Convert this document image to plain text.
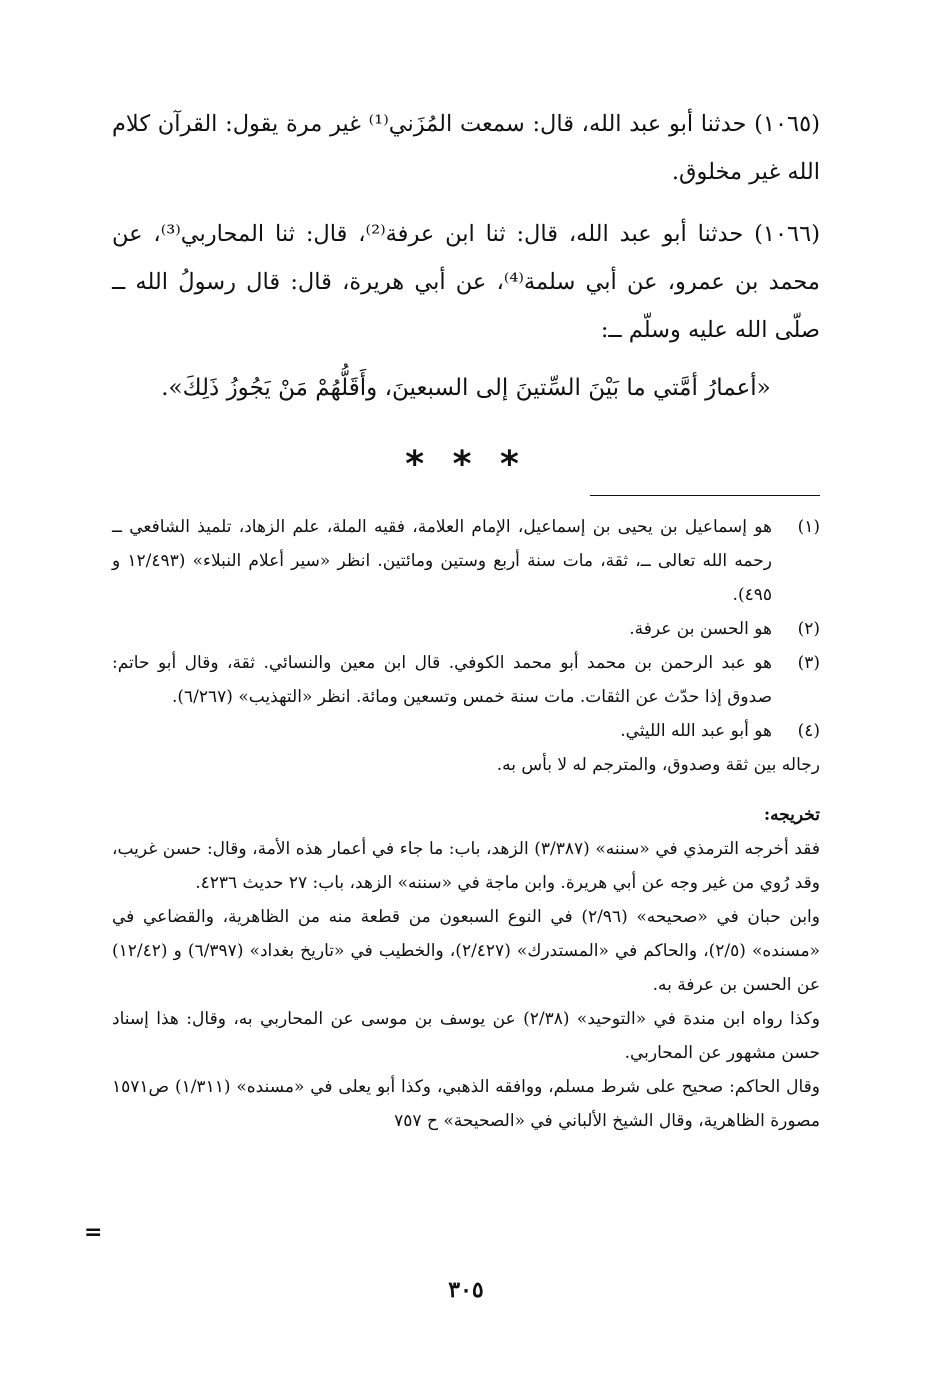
(١٠٦٥) حدثنا أبو عبد الله، قال: سمعت المُزَني⁽¹⁾ غير مرة يقول: القرآن كلام الله غير مخلوق.
(١٠٦٦) حدثنا أبو عبد الله، قال: ثنا ابن عرفة⁽²⁾، قال: ثنا المحاربي⁽³⁾، عن محمد بن عمرو، عن أبي سلمة⁽⁴⁾، عن أبي هريرة، قال: قال رسولُ الله ــ صلّى الله عليه وسلّم ــ:
«أعمارُ أمَّتي ما بَيْنَ السِّتينَ إلى السبعينَ، وأَقَلُّهُمْ مَنْ يَجُوزُ ذَلِكَ».
* * *
(١)
هو إسماعيل بن يحيى بن إسماعيل، الإمام العلامة، فقيه الملة، علم الزهاد، تلميذ الشافعي ــ رحمه الله تعالى ــ، ثقة، مات سنة أربع وستين ومائتين. انظر «سير أعلام النبلاء» (١٢/٤٩٣ و ٤٩٥).
(٢)
هو الحسن بن عرفة.
(٣)
هو عبد الرحمن بن محمد أبو محمد الكوفي. قال ابن معين والنسائي. ثقة، وقال أبو حاتم: صدوق إذا حدّث عن الثقات. مات سنة خمس وتسعين ومائة. انظر «التهذيب» (٦/٢٦٧).
(٤)
هو أبو عبد الله الليثي.
رجاله بين ثقة وصدوق، والمترجم له لا بأس به.
تخريجه:
فقد أخرجه الترمذي في «سننه» (٣/٣٨٧) الزهد، باب: ما جاء في أعمار هذه الأمة، وقال: حسن غريب، وقد رُوي من غير وجه عن أبي هريرة. وابن ماجة في «سننه» الزهد، باب: ٢٧ حديث ٤٢٣٦.
وابن حبان في «صحيحه» (٢/٩٦) في النوع السبعون من قطعة منه من الظاهرية، والقضاعي في «مسنده» (٢/٥)، والحاكم في «المستدرك» (٢/٤٢٧)، والخطيب في «تاريخ بغداد» (٦/٣٩٧) و (١٢/٤٢) عن الحسن بن عرفة به.
وكذا رواه ابن مندة في «التوحيد» (٢/٣٨) عن يوسف بن موسى عن المحاربي به، وقال: هذا إسناد حسن مشهور عن المحاربي.
وقال الحاكم: صحيح على شرط مسلم، ووافقه الذهبي، وكذا أبو يعلى في «مسنده» (١/٣١١) ص١٥٧١ مصورة الظاهرية، وقال الشيخ الألباني في «الصحيحة» ح ٧٥٧
=
٣٠٥
